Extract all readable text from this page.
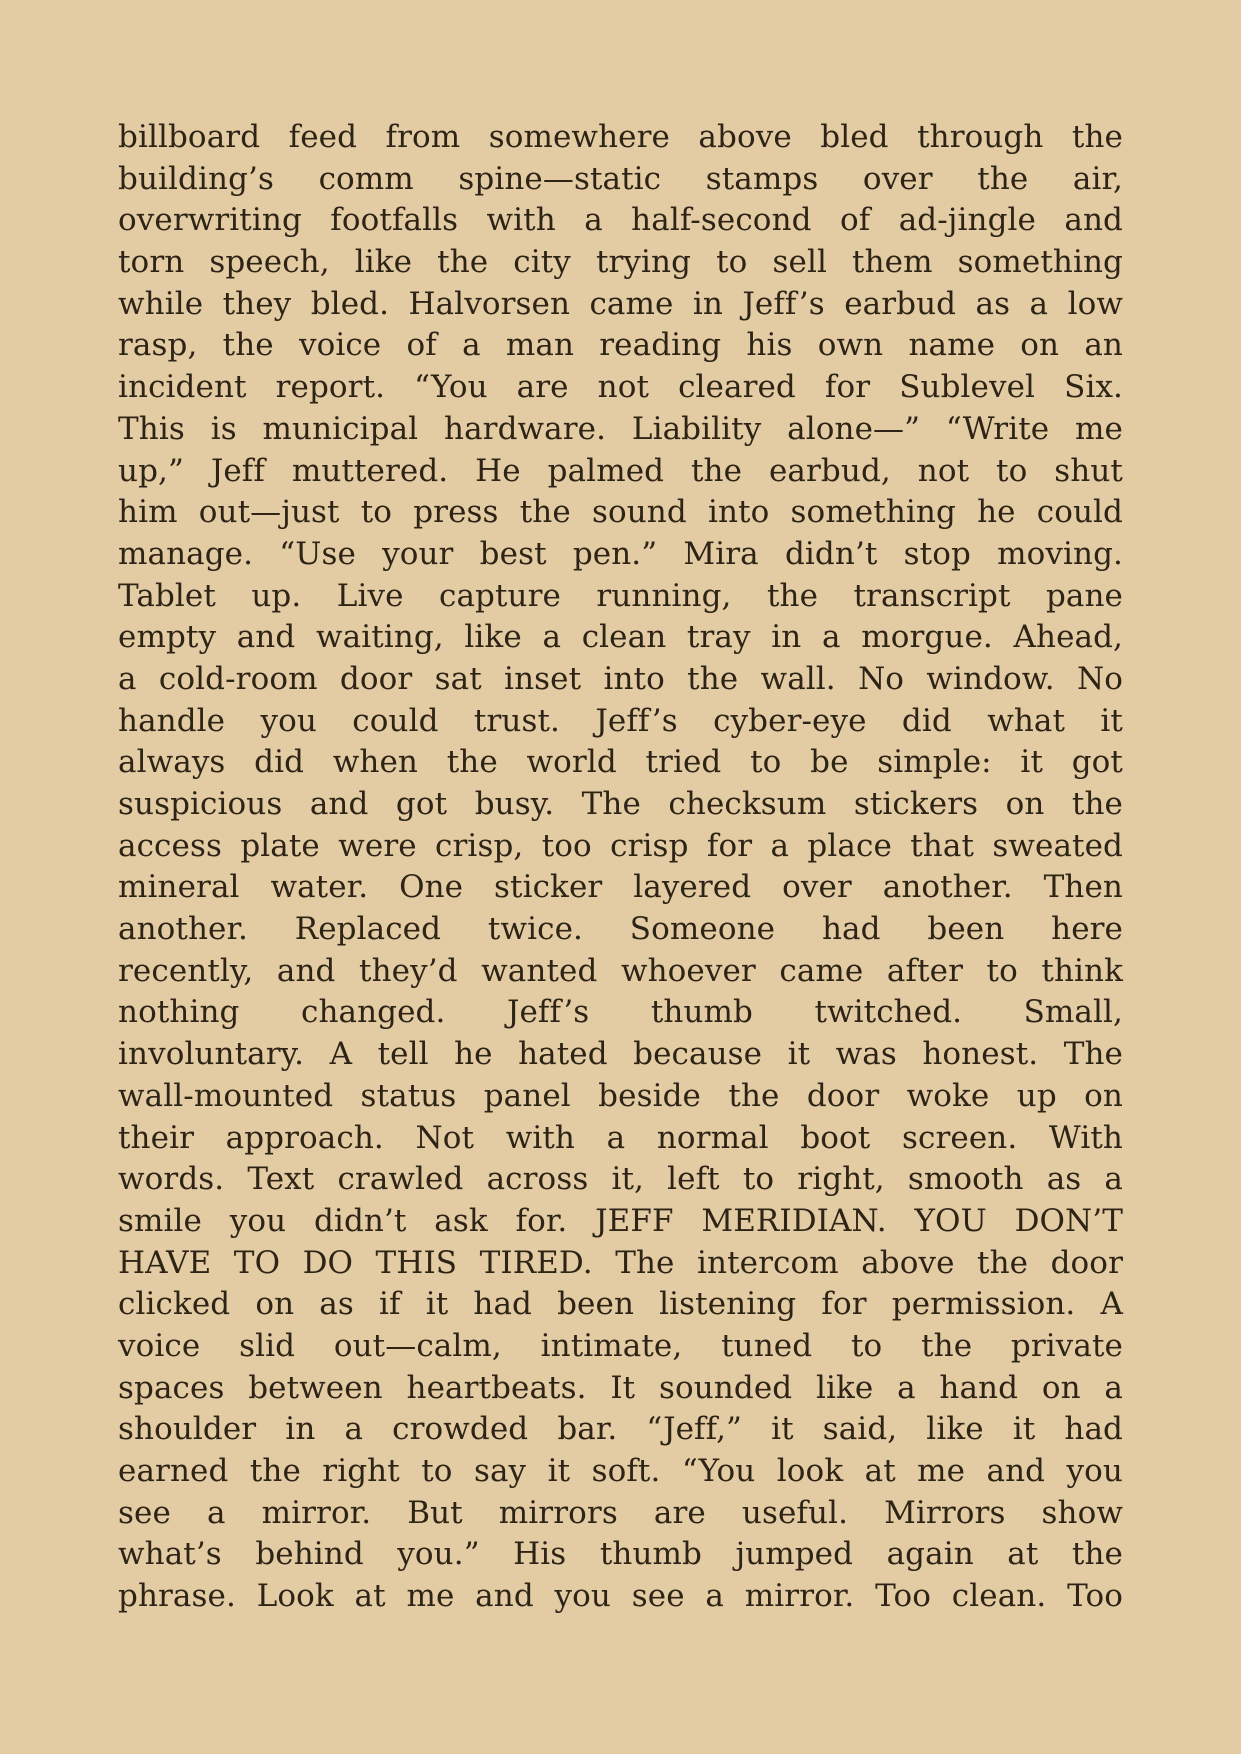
billboard feed from somewhere above bled through the
building’s comm spine—static stamps over the air,
overwriting footfalls with a half-second of ad-jingle and
torn speech, like the city trying to sell them something
while they bled. Halvorsen came in Jeff’s earbud as a low
rasp, the voice of a man reading his own name on an
incident report. “You are not cleared for Sublevel Six.
This is municipal hardware. Liability alone—” “Write me
up,” Jeff muttered. He palmed the earbud, not to shut
him out—just to press the sound into something he could
manage. “Use your best pen.” Mira didn’t stop moving.
Tablet up. Live capture running, the transcript pane
empty and waiting, like a clean tray in a morgue. Ahead,
a cold-room door sat inset into the wall. No window. No
handle you could trust. Jeff’s cyber-eye did what it
always did when the world tried to be simple: it got
suspicious and got busy. The checksum stickers on the
access plate were crisp, too crisp for a place that sweated
mineral water. One sticker layered over another. Then
another. Replaced twice. Someone had been here
recently, and they’d wanted whoever came after to think
nothing changed. Jeff’s thumb twitched. Small,
involuntary. A tell he hated because it was honest. The
wall-mounted status panel beside the door woke up on
their approach. Not with a normal boot screen. With
words. Text crawled across it, left to right, smooth as a
smile you didn’t ask for. JEFF MERIDIAN. YOU DON’T
HAVE TO DO THIS TIRED. The intercom above the door
clicked on as if it had been listening for permission. A
voice slid out—calm, intimate, tuned to the private
spaces between heartbeats. It sounded like a hand on a
shoulder in a crowded bar. “Jeff,” it said, like it had
earned the right to say it soft. “You look at me and you
see a mirror. But mirrors are useful. Mirrors show
what’s behind you.” His thumb jumped again at the
phrase. Look at me and you see a mirror. Too clean. Too
